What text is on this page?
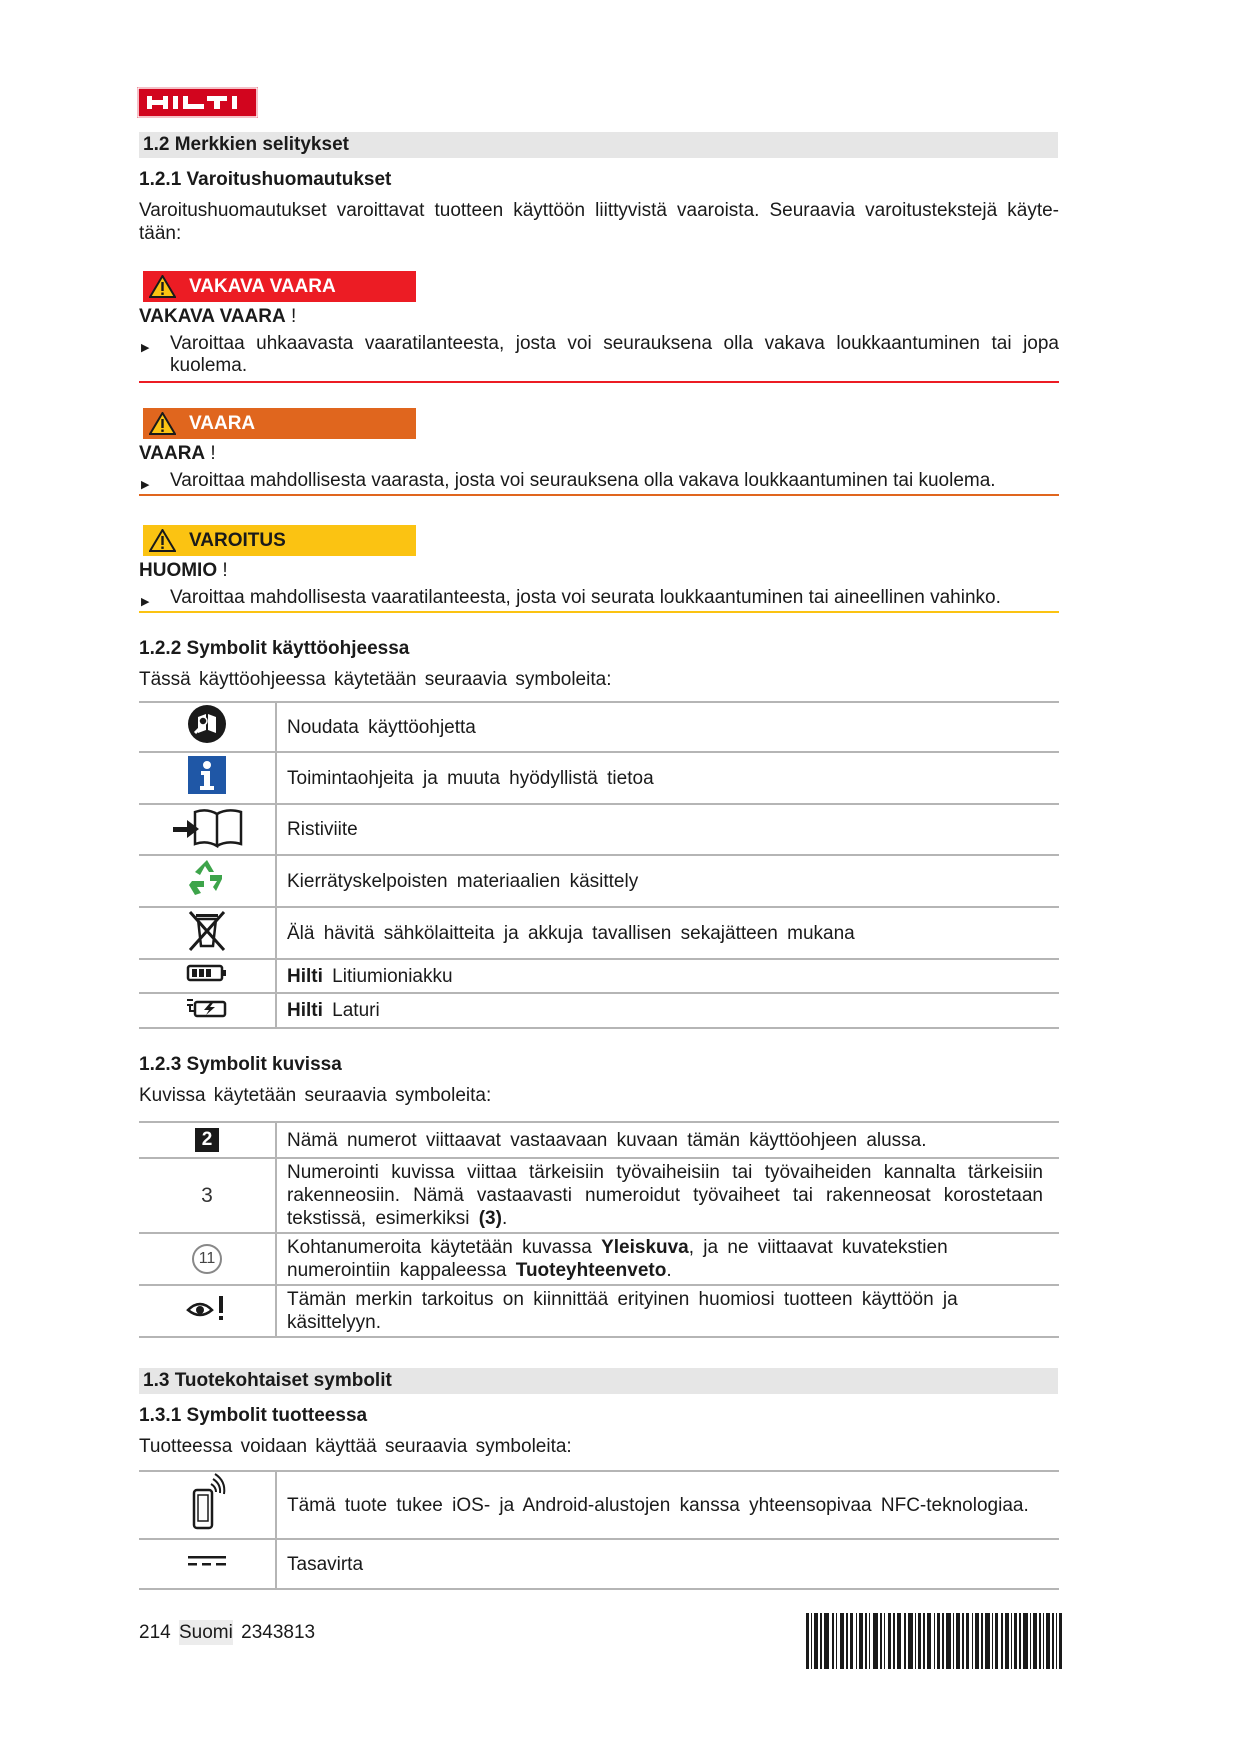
1.2 Merkkien selitykset
1.2.1 Varoitushuomautukset
Varoitushuomautukset varoittavat tuotteen käyttöön liittyvistä vaaroista. Seuraavia varoitustekstejä käyte-tään:
VAKAVA VAARA
VAKAVA VAARA !
▶ Varoittaa uhkaavasta vaaratilanteesta, josta voi seurauksena olla vakava loukkaantuminen tai jopa kuolema.
VAARA
VAARA !
▶ Varoittaa mahdollisesta vaarasta, josta voi seurauksena olla vakava loukkaantuminen tai kuolema.
VAROITUS
HUOMIO !
▶ Varoittaa mahdollisesta vaaratilanteesta, josta voi seurata loukkaantuminen tai aineellinen vahinko.
1.2.2 Symbolit käyttöohjeessa
Tässä käyttöohjeessa käytetään seuraavia symboleita:
	Noudata käyttöohjetta
	Toimintaohjeita ja muuta hyödyllistä tietoa
	Ristiviite
	Kierrätyskelpoisten materiaalien käsittely
	Älä hävitä sähkölaitteita ja akkuja tavallisen sekajätteen mukana
	Hilti Litiumioniakku
	Hilti Laturi
1.2.3 Symbolit kuvissa
Kuvissa käytetään seuraavia symboleita:
2	Nämä numerot viittaavat vastaavaan kuvaan tämän käyttöohjeen alussa.
3	Numerointi kuvissa viittaa tärkeisiin työvaiheisiin tai työvaiheiden kannalta tärkeisiin rakenneosiin. Nämä vastaavasti numeroidut työvaiheet tai rakenneosat korostetaan tekstissä, esimerkiksi (3).
11	Kohtanumeroita käytetään kuvassa Yleiskuva, ja ne viittaavat kuvatekstien numerointiin kappaleessa Tuoteyhteenveto.
	Tämän merkin tarkoitus on kiinnittää erityinen huomiosi tuotteen käyttöön ja käsittelyyn.
1.3 Tuotekohtaiset symbolit
1.3.1 Symbolit tuotteessa
Tuotteessa voidaan käyttää seuraavia symboleita:
	Tämä tuote tukee iOS- ja Android-alustojen kanssa yhteensopivaa NFC-teknologiaa.
	Tasavirta
214 Suomi 2343813
